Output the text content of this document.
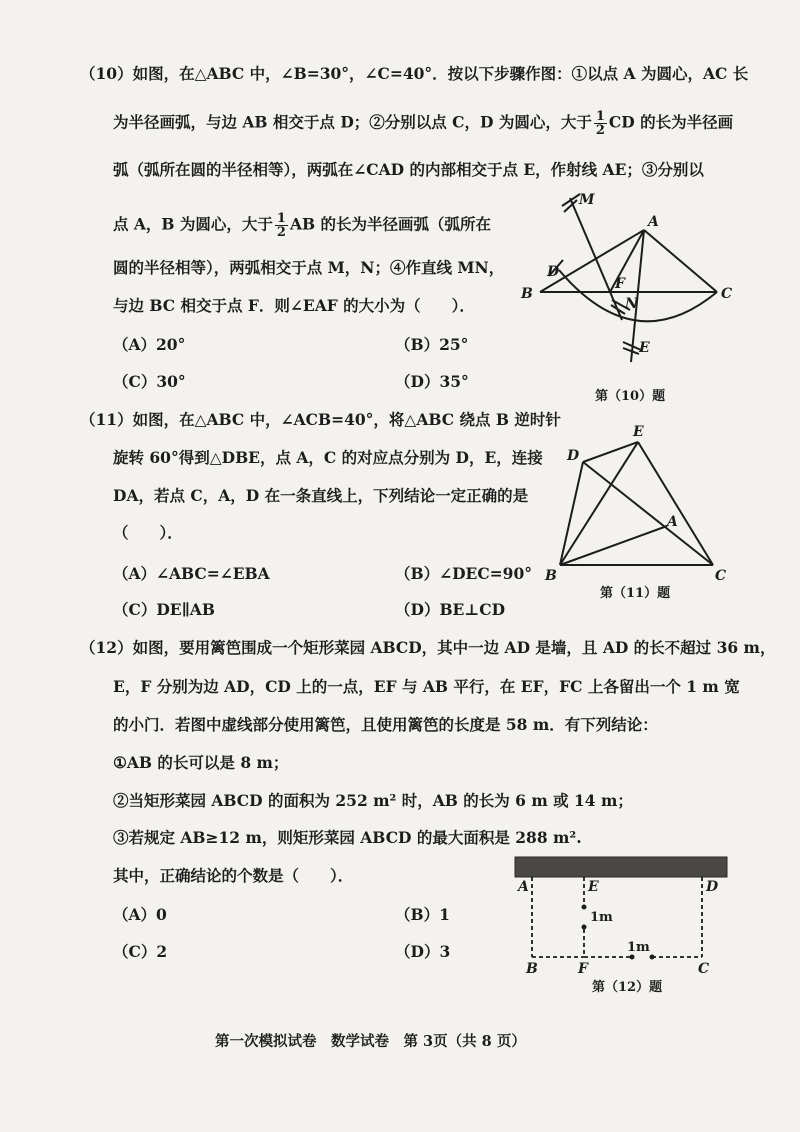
（10）如图，在△ABC 中，∠B=30°，∠C=40°．按以下步骤作图：①以点 A 为圆心，AC 长
为半径画弧，与边 AB 相交于点 D；②分别以点 C，D 为圆心，大于 $\frac{1}{2}$ CD 的长为半径画
弧（弧所在圆的半径相等），两弧在∠CAD 的内部相交于点 E，作射线 AE；③分别以
点 A，B 为圆心，大于 $\frac{1}{2}$ AB 的长为半径画弧（弧所在
圆的半径相等），两弧相交于点 M，N；④作直线 MN，
与边 BC 相交于点 F．则∠EAF 的大小为（　　）．
（A）20°	（B）25°
（C）30°	（D）35°
M
A
D
F
B	C
N
E
第（10）题
（11）如图，在△ABC 中，∠ACB=40°，将△ABC 绕点 B 逆时针
旋转 60°得到△DBE，点 A，C 的对应点分别为 D，E，连接
DA，若点 C，A，D 在一条直线上，下列结论一定正确的是
（　　）．
（A）∠ABC=∠EBA	（B）∠DEC=90°
（C）DE∥AB	（D）BE⊥CD
E
D
A
B	C
第（11）题
（12）如图，要用篱笆围成一个矩形菜园 ABCD，其中一边 AD 是墙，且 AD 的长不超过 36 m，
E，F 分别为边 AD，CD 上的一点，EF 与 AB 平行，在 EF，FC 上各留出一个 1 m 宽
的小门．若图中虚线部分使用篱笆，且使用篱笆的长度是 58 m．有下列结论：
①AB 的长可以是 8 m；
②当矩形菜园 ABCD 的面积为 252 m² 时，AB 的长为 6 m 或 14 m；
③若规定 AB≥12 m，则矩形菜园 ABCD 的最大面积是 288 m².
其中，正确结论的个数是（　　）．
（A）0	（B）1
（C）2	（D）3
A	E	D
1m
1m
B	F	C
第（12）题
第一次模拟试卷　数学试卷　第 3页（共 8 页）
